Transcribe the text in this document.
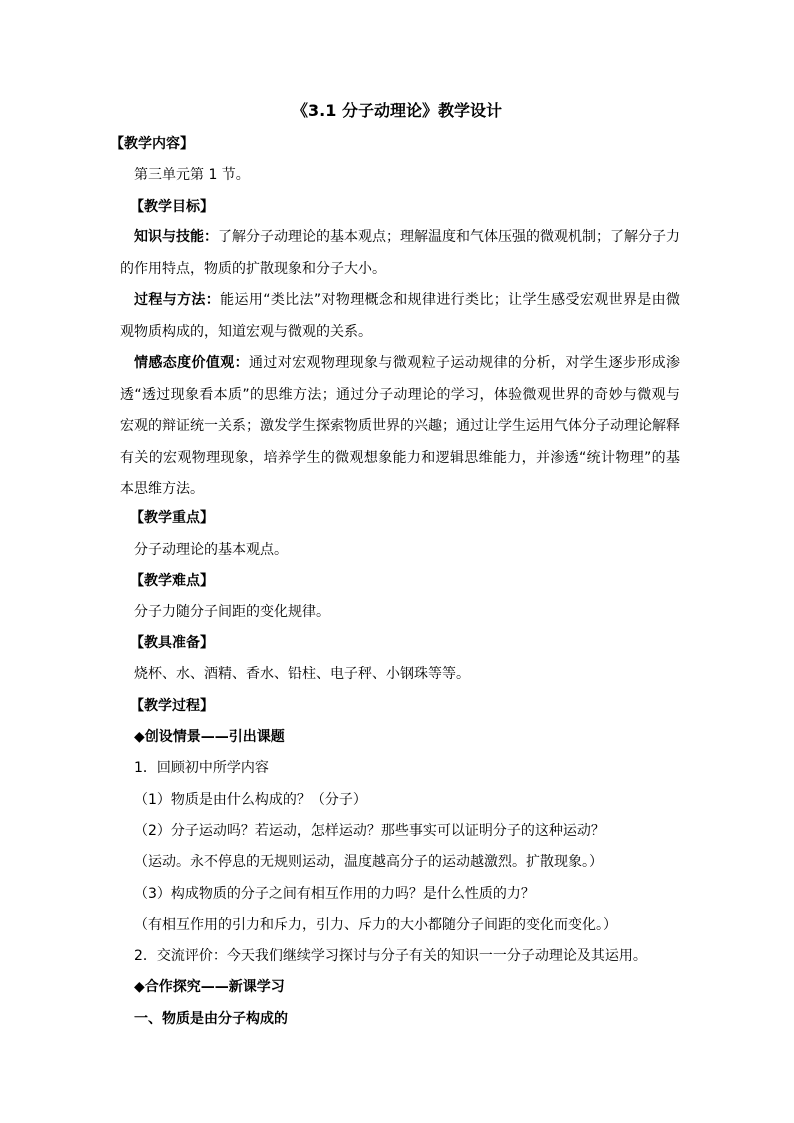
《3.1 分子动理论》教学设计
【教学内容】
第三单元第 1 节。
【教学目标】
知识与技能：了解分子动理论的基本观点；理解温度和气体压强的微观机制；了解分子力的作用特点，物质的扩散现象和分子大小。
过程与方法：能运用“类比法”对物理概念和规律进行类比；让学生感受宏观世界是由微观物质构成的，知道宏观与微观的关系。
情感态度价值观：通过对宏观物理现象与微观粒子运动规律的分析，对学生逐步形成渗透“透过现象看本质”的思维方法；通过分子动理论的学习，体验微观世界的奇妙与微观与宏观的辩证统一关系；激发学生探索物质世界的兴趣；通过让学生运用气体分子动理论解释有关的宏观物理现象，培养学生的微观想象能力和逻辑思维能力，并渗透“统计物理”的基本思维方法。
【教学重点】
分子动理论的基本观点。
【教学难点】
分子力随分子间距的变化规律。
【教具准备】
烧杯、水、酒精、香水、铅柱、电子秤、小钢珠等等。
【教学过程】
◆创设情景——引出课题
1．回顾初中所学内容
（1）物质是由什么构成的？（分子）
（2）分子运动吗？若运动，怎样运动？那些事实可以证明分子的这种运动？
（运动。永不停息的无规则运动，温度越高分子的运动越激烈。扩散现象。）
（3）构成物质的分子之间有相互作用的力吗？是什么性质的力？
（有相互作用的引力和斥力，引力、斥力的大小都随分子间距的变化而变化。）
2．交流评价：今天我们继续学习探讨与分子有关的知识一一分子动理论及其运用。
◆合作探究——新课学习
一、物质是由分子构成的
